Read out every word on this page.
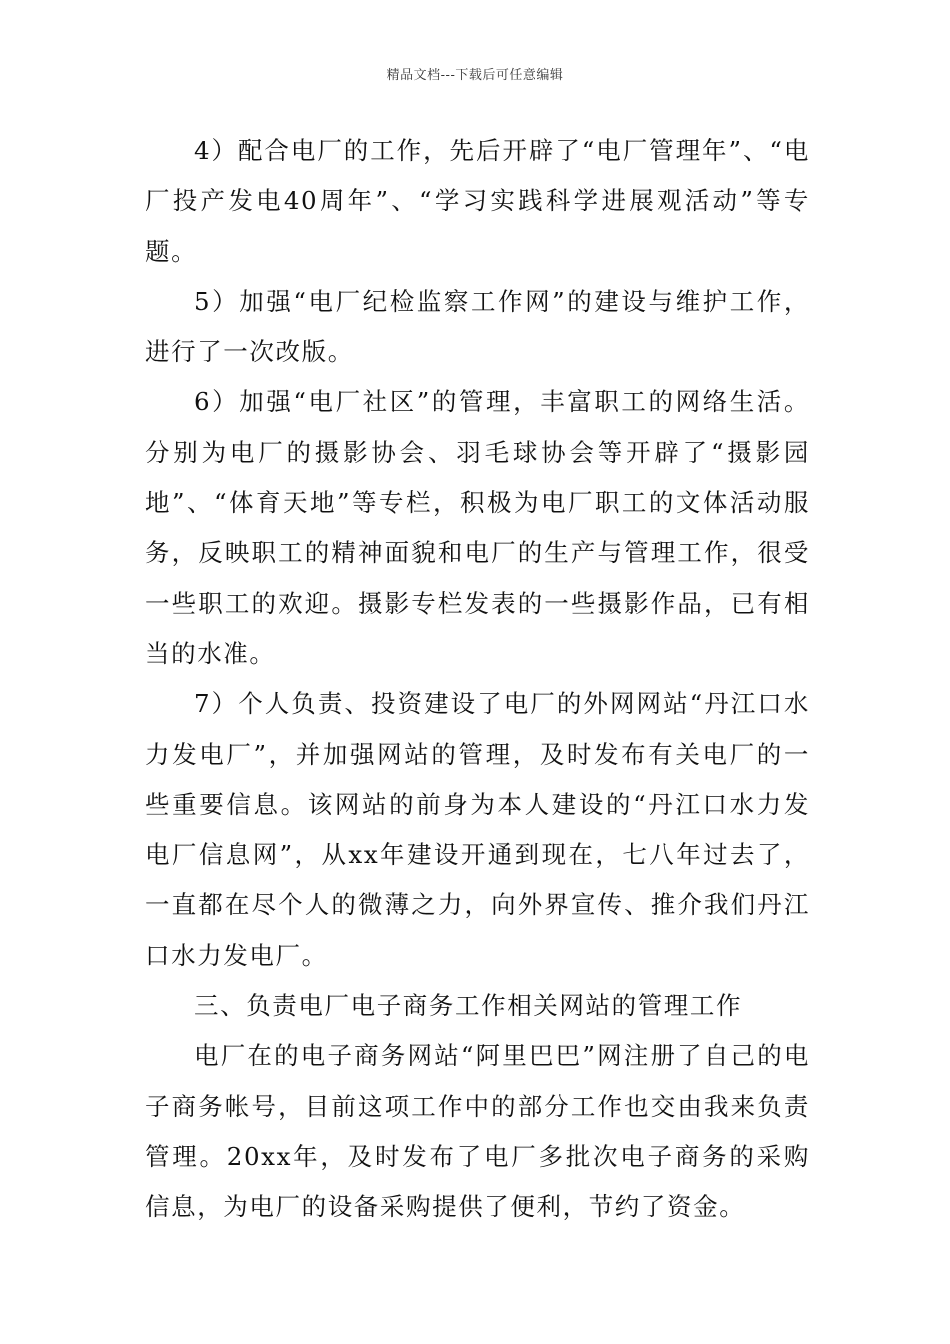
精品文档---下载后可任意编辑

4）配合电厂的工作，先后开辟了“电厂管理年”、“电厂投产发电40周年”、“学习实践科学进展观活动”等专题。

5）加强“电厂纪检监察工作网”的建设与维护工作，进行了一次改版。

6）加强“电厂社区”的管理，丰富职工的网络生活。分别为电厂的摄影协会、羽毛球协会等开辟了“摄影园地”、“体育天地”等专栏，积极为电厂职工的文体活动服务，反映职工的精神面貌和电厂的生产与管理工作，很受一些职工的欢迎。摄影专栏发表的一些摄影作品，已有相当的水准。

7）个人负责、投资建设了电厂的外网网站“丹江口水力发电厂”，并加强网站的管理，及时发布有关电厂的一些重要信息。该网站的前身为本人建设的“丹江口水力发电厂信息网”，从xx年建设开通到现在，七八年过去了，一直都在尽个人的微薄之力，向外界宣传、推介我们丹江口水力发电厂。

三、负责电厂电子商务工作相关网站的管理工作

电厂在的电子商务网站“阿里巴巴”网注册了自己的电子商务帐号，目前这项工作中的部分工作也交由我来负责管理。20xx年，及时发布了电厂多批次电子商务的采购信息，为电厂的设备采购提供了便利，节约了资金。
